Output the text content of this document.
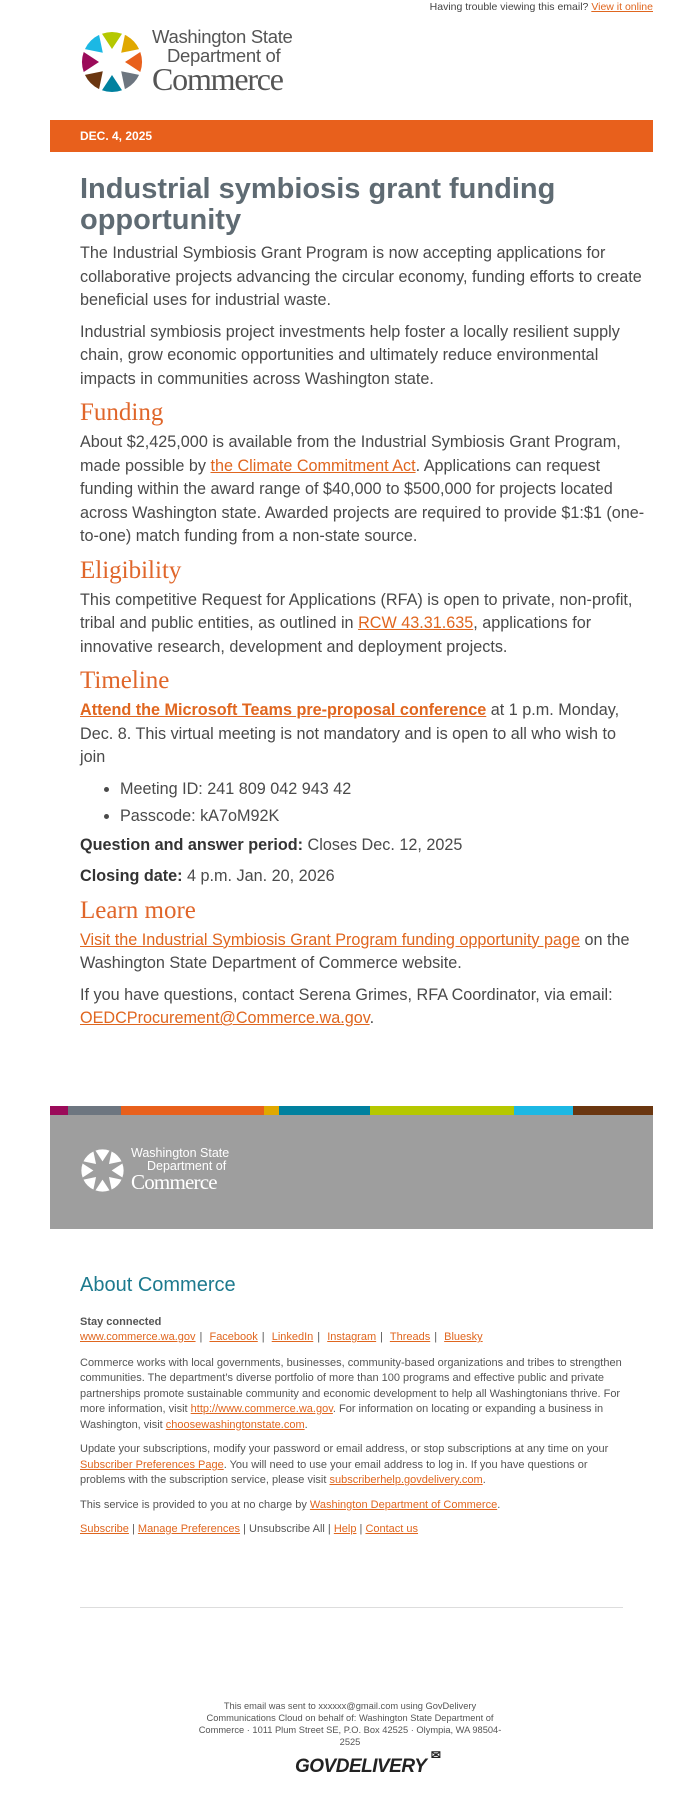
Having trouble viewing this email? View it online
Washington State
Department of
Commerce
DEC. 4, 2025
Industrial symbiosis grant funding opportunity

The Industrial Symbiosis Grant Program is now accepting applications for collaborative projects advancing the circular economy, funding efforts to create beneficial uses for industrial waste.

Industrial symbiosis project investments help foster a locally resilient supply chain, grow economic opportunities and ultimately reduce environmental impacts in communities across Washington state.

Funding

About $2,425,000 is available from the Industrial Symbiosis Grant Program, made possible by the Climate Commitment Act. Applications can request funding within the award range of $40,000 to $500,000 for projects located across Washington state. Awarded projects are required to provide $1:$1 (one-to-one) match funding from a non-state source.

Eligibility

This competitive Request for Applications (RFA) is open to private, non-profit, tribal and public entities, as outlined in RCW 43.31.635, applications for innovative research, development and deployment projects.

Timeline

Attend the Microsoft Teams pre-proposal conference at 1 p.m. Monday, Dec. 8. This virtual meeting is not mandatory and is open to all who wish to join

• Meeting ID: 241 809 042 943 42
• Passcode: kA7oM92K

Question and answer period: Closes Dec. 12, 2025

Closing date: 4 p.m. Jan. 20, 2026

Learn more

Visit the Industrial Symbiosis Grant Program funding opportunity page on the Washington State Department of Commerce website.

If you have questions, contact Serena Grimes, RFA Coordinator, via email: OEDCProcurement@Commerce.wa.gov.

Washington State
Department of
Commerce
About Commerce
Stay connected
www.commerce.wa.gov | Facebook | LinkedIn | Instagram | Threads | Bluesky

Commerce works with local governments, businesses, community-based organizations and tribes to strengthen communities. The department’s diverse portfolio of more than 100 programs and effective public and private partnerships promote sustainable community and economic development to help all Washingtonians thrive. For more information, visit http://www.commerce.wa.gov. For information on locating or expanding a business in Washington, visit choosewashingtonstate.com.

Update your subscriptions, modify your password or email address, or stop subscriptions at any time on your Subscriber Preferences Page. You will need to use your email address to log in. If you have questions or problems with the subscription service, please visit subscriberhelp.govdelivery.com.

This service is provided to you at no charge by Washington Department of Commerce.

Subscribe | Manage Preferences | Unsubscribe All | Help | Contact us

This email was sent to xxxxxx@gmail.com using GovDelivery Communications Cloud on behalf of: Washington State Department of Commerce · 1011 Plum Street SE, P.O. Box 42525 · Olympia, WA 98504-2525
GOVDELIVERY
✉
